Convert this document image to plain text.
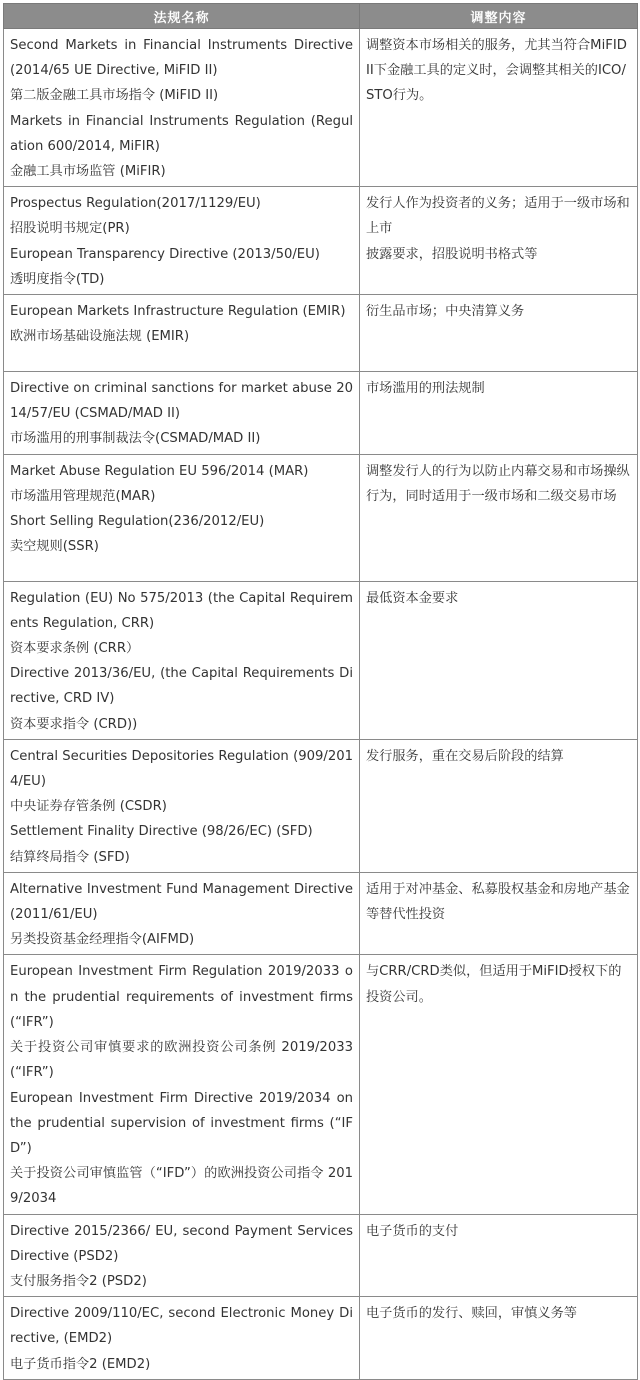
法规名称	调整内容

Second Markets in Financial Instruments Directive (2014/65 UE Directive, MiFID II)
第二版金融工具市场指令 (MiFID II)
Markets in Financial Instruments Regulation (Regulation 600/2014, MiFIR)
金融工具市场监管 (MiFIR)	调整资本市场相关的服务，尤其当符合MiFID II下金融工具的定义时，会调整其相关的ICO/STO行为。

Prospectus Regulation(2017/1129/EU)
招股说明书规定(PR)
European Transparency Directive (2013/50/EU)
透明度指令(TD)	发行人作为投资者的义务；适用于一级市场和上市
披露要求，招股说明书格式等

European Markets Infrastructure Regulation (EMIR)
欧洲市场基础设施法规 (EMIR)	衍生品市场；中央清算义务

Directive on criminal sanctions for market abuse 2014/57/EU (CSMAD/MAD II)
市场滥用的刑事制裁法令(CSMAD/MAD II)	市场滥用的刑法规制

Market Abuse Regulation EU 596/2014 (MAR)
市场滥用管理规范(MAR)
Short Selling Regulation(236/2012/EU)
卖空规则(SSR)	调整发行人的行为以防止内幕交易和市场操纵行为，同时适用于一级市场和二级交易市场

Regulation (EU) No 575/2013 (the Capital Requirements Regulation, CRR)
资本要求条例 (CRR）
Directive 2013/36/EU, (the Capital Requirements Directive, CRD IV)
资本要求指令 (CRD))	最低资本金要求

Central Securities Depositories Regulation (909/2014/EU)
中央证券存管条例 (CSDR)
Settlement Finality Directive (98/26/EC) (SFD)
结算终局指令 (SFD)	发行服务，重在交易后阶段的结算

Alternative Investment Fund Management Directive (2011/61/EU)
另类投资基金经理指令(AIFMD)	适用于对冲基金、私募股权基金和房地产基金等替代性投资

European Investment Firm Regulation 2019/2033 on the prudential requirements of investment firms (“IFR”)
关于投资公司审慎要求的欧洲投资公司条例 2019/2033 (“IFR”)
European Investment Firm Directive 2019/2034 on the prudential supervision of investment firms (“IFD”)
关于投资公司审慎监管（“IFD”）的欧洲投资公司指令 2019/2034	与CRR/CRD类似，但适用于MiFID授权下的投资公司。

Directive 2015/2366/ EU, second Payment Services Directive (PSD2)
支付服务指令2 (PSD2)	电子货币的支付

Directive 2009/110/EC, second Electronic Money Directive, (EMD2)
电子货币指令2 (EMD2)	电子货币的发行、赎回，审慎义务等
